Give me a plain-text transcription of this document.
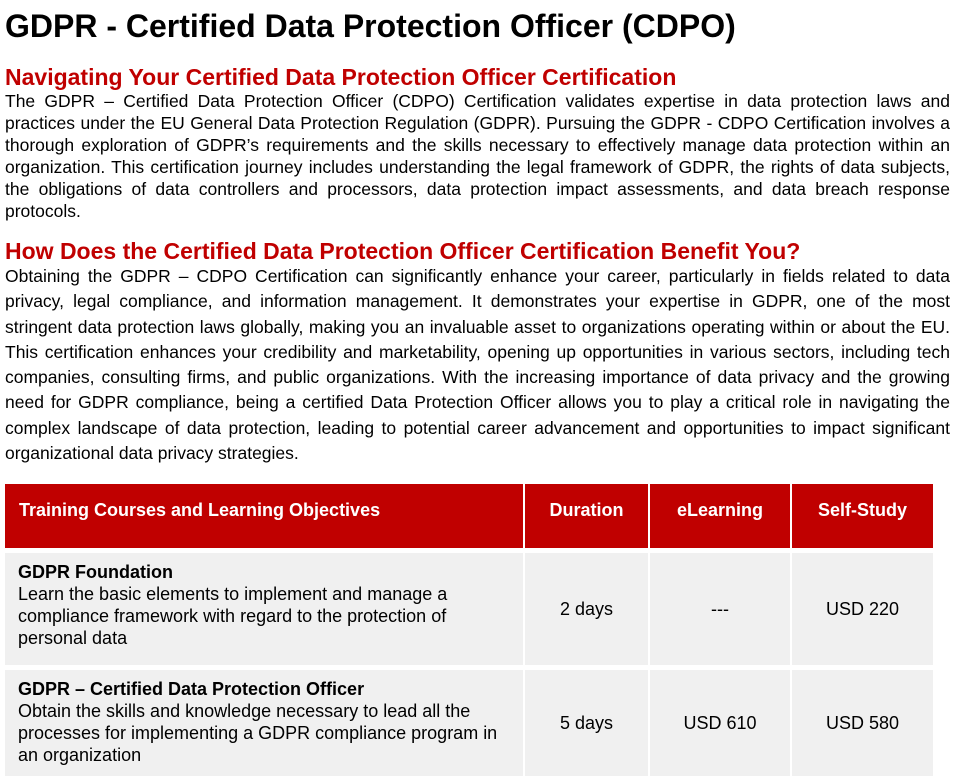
GDPR - Certified Data Protection Officer (CDPO)
Navigating Your Certified Data Protection Officer Certification

The GDPR – Certified Data Protection Officer (CDPO) Certification validates expertise in data protection laws and practices under the EU General Data Protection Regulation (GDPR). Pursuing the GDPR - CDPO Certification involves a thorough exploration of GDPR’s requirements and the skills necessary to effectively manage data protection within an organization. This certification journey includes understanding the legal framework of GDPR, the rights of data subjects, the obligations of data controllers and processors, data protection impact assessments, and data breach response protocols.

How Does the Certified Data Protection Officer Certification Benefit You?

Obtaining the GDPR – CDPO Certification can significantly enhance your career, particularly in fields related to data privacy, legal compliance, and information management. It demonstrates your expertise in GDPR, one of the most stringent data protection laws globally, making you an invaluable asset to organizations operating within or about the EU. This certification enhances your credibility and marketability, opening up opportunities in various sectors, including tech companies, consulting firms, and public organizations. With the increasing importance of data privacy and the growing need for GDPR compliance, being a certified Data Protection Officer allows you to play a critical role in navigating the complex landscape of data protection, leading to potential career advancement and opportunities to impact significant organizational data privacy strategies.

Training Courses and Learning Objectives	Duration	eLearning	Self-Study

GDPR Foundation
Learn the basic elements to implement and manage a compliance framework with regard to the protection of personal data	2 days	---	USD 220

GDPR – Certified Data Protection Officer
Obtain the skills and knowledge necessary to lead all the processes for implementing a GDPR compliance program in an organization	5 days	USD 610	USD 580
